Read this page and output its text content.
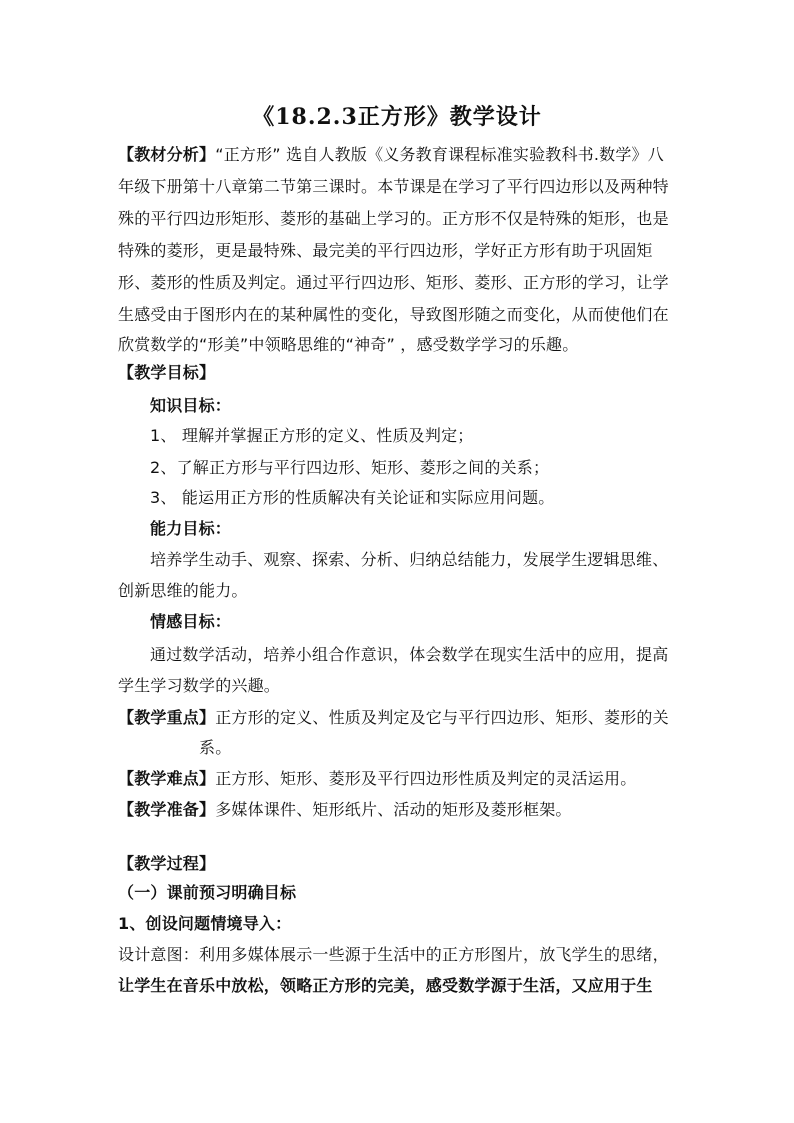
《18.2.3正方形》教学设计
【教材分析】“正方形” 选自人教版《义务教育课程标准实验教科书.数学》八
年级下册第十八章第二节第三课时。本节课是在学习了平行四边形以及两种特
殊的平行四边形矩形、菱形的基础上学习的。正方形不仅是特殊的矩形，也是
特殊的菱形，更是最特殊、最完美的平行四边形，学好正方形有助于巩固矩
形、菱形的性质及判定。通过平行四边形、矩形、菱形、正方形的学习，让学
生感受由于图形内在的某种属性的变化，导致图形随之而变化，从而使他们在
欣赏数学的“形美”中领略思维的“神奇” ，感受数学学习的乐趣。
【教学目标】
知识目标：
1、 理解并掌握正方形的定义、性质及判定；
2、了解正方形与平行四边形、矩形、菱形之间的关系；
3、 能运用正方形的性质解决有关论证和实际应用问题。
能力目标：
培养学生动手、观察、探索、分析、归纳总结能力，发展学生逻辑思维、
创新思维的能力。
情感目标：
通过数学活动，培养小组合作意识，体会数学在现实生活中的应用，提高
学生学习数学的兴趣。
【教学重点】正方形的定义、性质及判定及它与平行四边形、矩形、菱形的关
系。
【教学难点】正方形、矩形、菱形及平行四边形性质及判定的灵活运用。
【教学准备】多媒体课件、矩形纸片、活动的矩形及菱形框架。
【教学过程】
（一）课前预习明确目标
1、创设问题情境导入：
设计意图：利用多媒体展示一些源于生活中的正方形图片，放飞学生的思绪，
让学生在音乐中放松，领略正方形的完美，感受数学源于生活，又应用于生
